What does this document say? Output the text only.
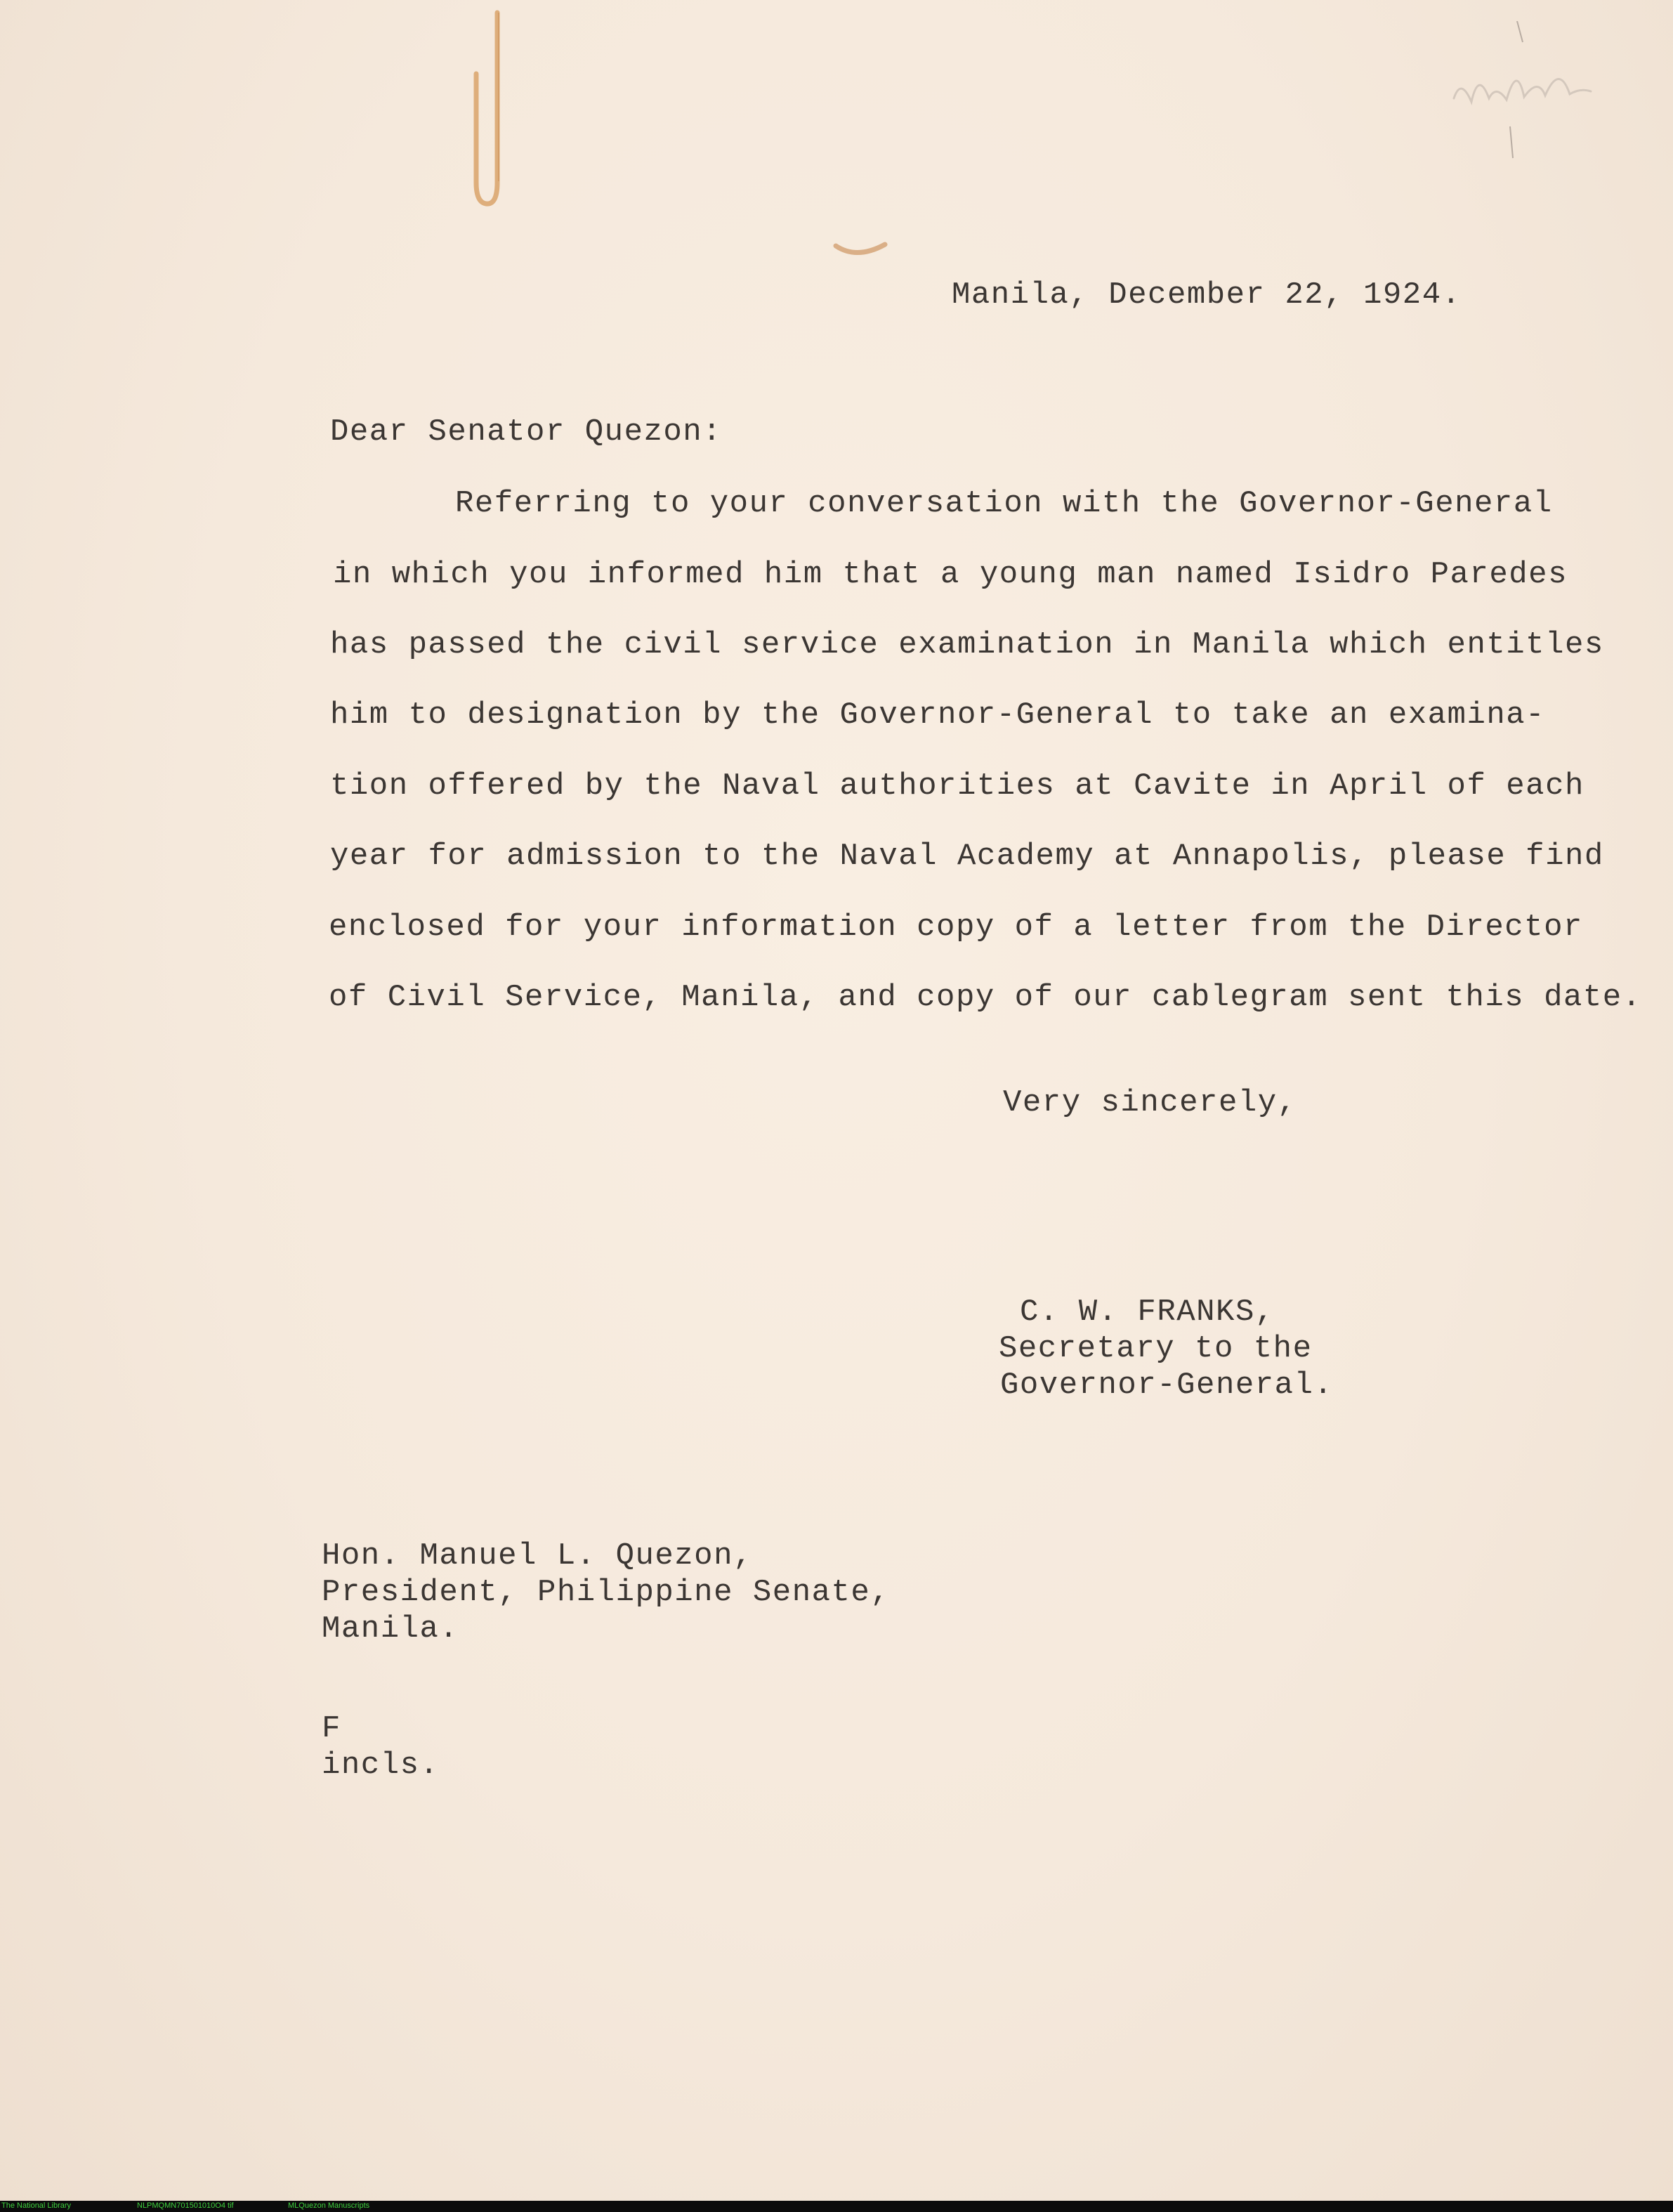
Manila, December 22, 1924.
Dear Senator Quezon:
Referring to your conversation with the Governor-General
in which you informed him that a young man named Isidro Paredes
has passed the civil service examination in Manila which entitles
him to designation by the Governor-General to take an examina-
tion offered by the Naval authorities at Cavite in April of each
year for admission to the Naval Academy at Annapolis, please find
enclosed for your information copy of a letter from the Director
of Civil Service, Manila, and copy of our cablegram sent this date.
Very sincerely,
C. W. FRANKS,
Secretary to the
Governor-General.
Hon. Manuel L. Quezon,
President, Philippine Senate,
Manila.
F
incls.
The National Library	NLPMQMN701501010O4 tif	MLQuezon Manuscripts
